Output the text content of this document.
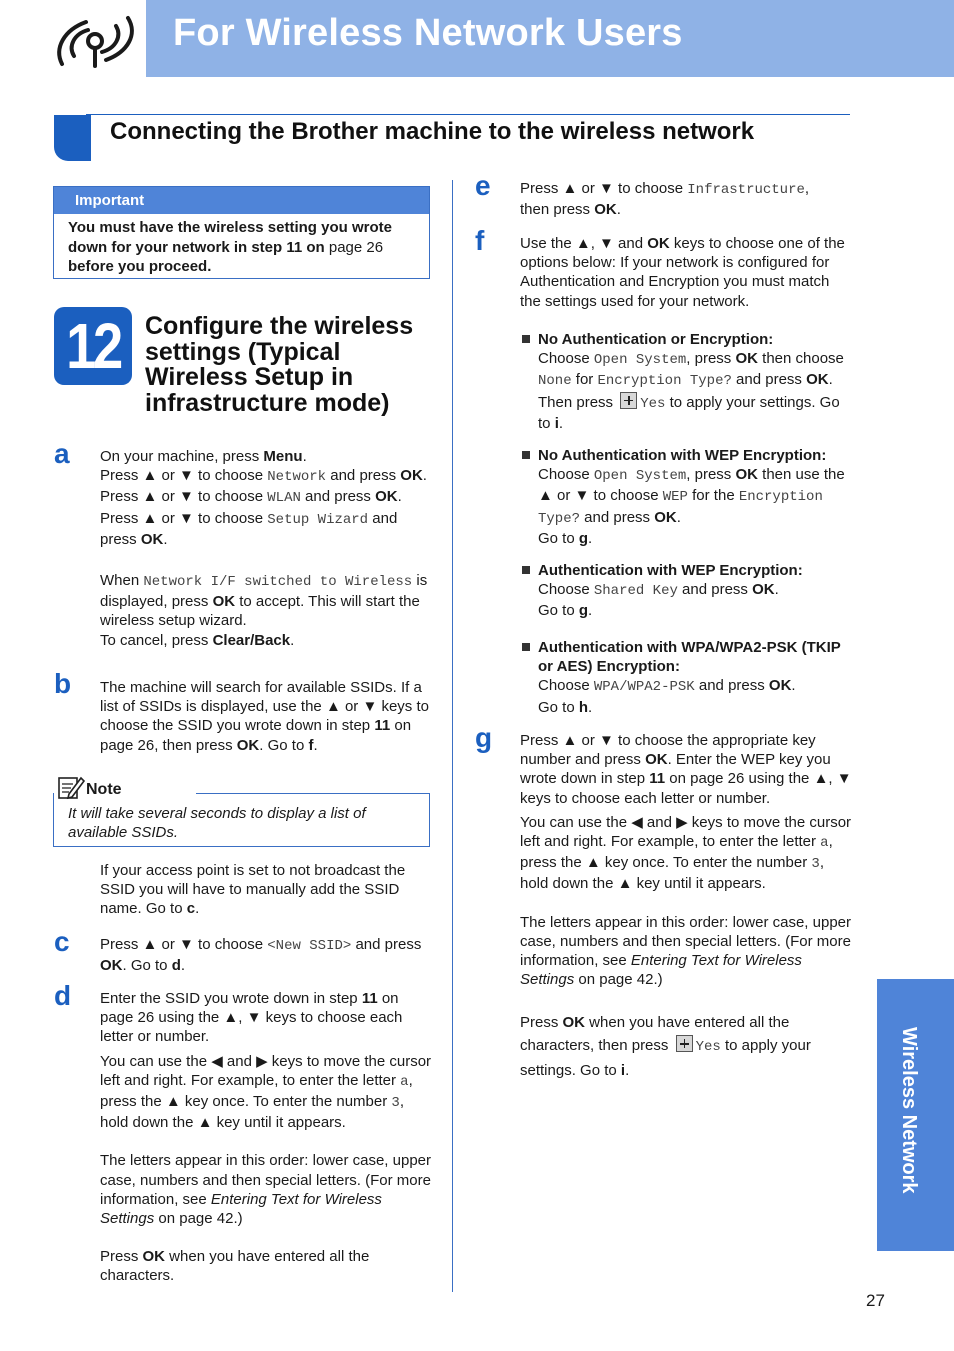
For Wireless Network Users
Connecting the Brother machine to the wireless network
Important
You must have the wireless setting you wrote down for your network in step 11 on page 26 before you proceed.
12 Configure the wireless settings (Typical Wireless Setup in infrastructure mode)
a On your machine, press Menu.
Press ▲ or ▼ to choose Network and press OK.
Press ▲ or ▼ to choose WLAN and press OK.
Press ▲ or ▼ to choose Setup Wizard and press OK.
When Network I/F switched to Wireless is displayed, press OK to accept. This will start the wireless setup wizard.
To cancel, press Clear/Back.
b The machine will search for available SSIDs. If a list of SSIDs is displayed, use the ▲ or ▼ keys to choose the SSID you wrote down in step 11 on page 26, then press OK. Go to f.
Note
It will take several seconds to display a list of available SSIDs.
If your access point is set to not broadcast the SSID you will have to manually add the SSID name. Go to c.
c Press ▲ or ▼ to choose <New SSID> and press OK. Go to d.
d Enter the SSID you wrote down in step 11 on page 26 using the ▲, ▼ keys to choose each letter or number.
You can use the ◀ and ▶ keys to move the cursor left and right. For example, to enter the letter a, press the ▲ key once. To enter the number 3, hold down the ▲ key until it appears.
The letters appear in this order: lower case, upper case, numbers and then special letters. (For more information, see Entering Text for Wireless Settings on page 42.)
Press OK when you have entered all the characters.
e Press ▲ or ▼ to choose Infrastructure,
then press OK.
f Use the ▲, ▼ and OK keys to choose one of the options below: If your network is configured for Authentication and Encryption you must match the settings used for your network.
No Authentication or Encryption:
Choose Open System, press OK then choose None for Encryption Type? and press OK. Then press Yes to apply your settings. Go to i.
No Authentication with WEP Encryption:
Choose Open System, press OK then use the ▲ or ▼ to choose WEP for the Encryption Type? and press OK.
Go to g.
Authentication with WEP Encryption:
Choose Shared Key and press OK.
Go to g.
Authentication with WPA/WPA2-PSK (TKIP or AES) Encryption:
Choose WPA/WPA2-PSK and press OK.
Go to h.
g Press ▲ or ▼ to choose the appropriate key number and press OK. Enter the WEP key you wrote down in step 11 on page 26 using the ▲, ▼ keys to choose each letter or number.
You can use the ◀ and ▶ keys to move the cursor left and right. For example, to enter the letter a, press the ▲ key once. To enter the number 3, hold down the ▲ key until it appears.
The letters appear in this order: lower case, upper case, numbers and then special letters. (For more information, see Entering Text for Wireless Settings on page 42.)
Press OK when you have entered all the characters, then press Yes to apply your settings. Go to i.	Wireless Network
27
